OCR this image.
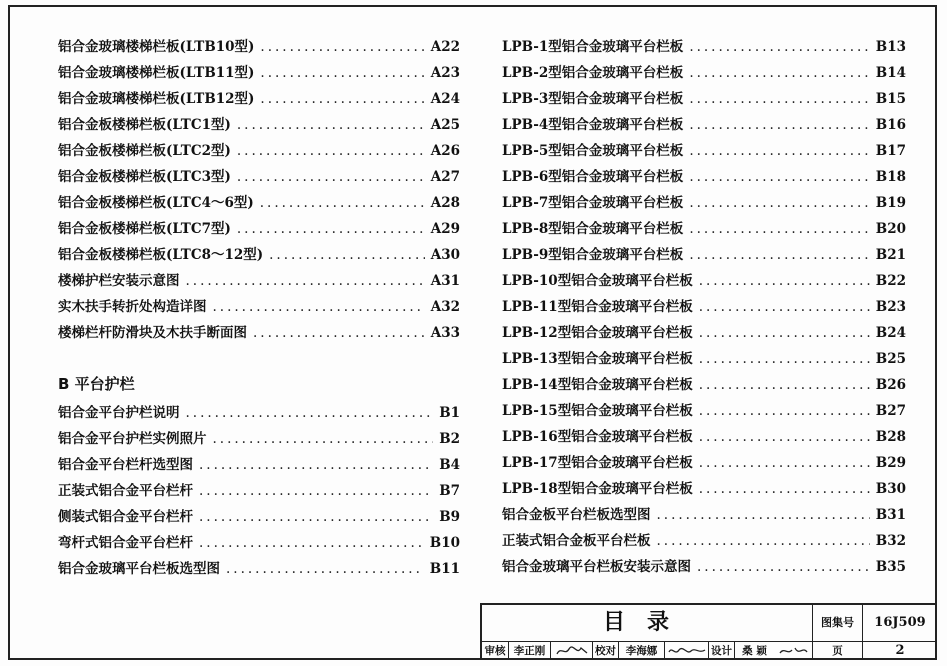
铝合金玻璃楼梯栏板(LTB10型) .....	A22
铝合金玻璃楼梯栏板(LTB11型) .....	A23
铝合金玻璃楼梯栏板(LTB12型) .....	A24
铝合金板楼梯栏板(LTC1型) .....	A25
铝合金板楼梯栏板(LTC2型) .....	A26
铝合金板楼梯栏板(LTC3型) .....	A27
铝合金板楼梯栏板(LTC4～6型) .....	A28
铝合金板楼梯栏板(LTC7型) .....	A29
铝合金板楼梯栏板(LTC8～12型) .....	A30
楼梯护栏安装示意图 .....	A31
实木扶手转折处构造详图 .....	A32
楼梯栏杆防滑块及木扶手断面图 .....	A33
B 平台护栏
铝合金平台护栏说明 .....	B1
铝合金平台护栏实例照片 .....	B2
铝合金平台栏杆选型图 .....	B4
正装式铝合金平台栏杆 .....	B7
侧装式铝合金平台栏杆 .....	B9
弯杆式铝合金平台栏杆 .....	B10
铝合金玻璃平台栏板选型图 .....	B11
LPB-1型铝合金玻璃平台栏板 .....	B13
LPB-2型铝合金玻璃平台栏板 .....	B14
LPB-3型铝合金玻璃平台栏板 .....	B15
LPB-4型铝合金玻璃平台栏板 .....	B16
LPB-5型铝合金玻璃平台栏板 .....	B17
LPB-6型铝合金玻璃平台栏板 .....	B18
LPB-7型铝合金玻璃平台栏板 .....	B19
LPB-8型铝合金玻璃平台栏板 .....	B20
LPB-9型铝合金玻璃平台栏板 .....	B21
LPB-10型铝合金玻璃平台栏板 .....	B22
LPB-11型铝合金玻璃平台栏板 .....	B23
LPB-12型铝合金玻璃平台栏板 .....	B24
LPB-13型铝合金玻璃平台栏板 .....	B25
LPB-14型铝合金玻璃平台栏板 .....	B26
LPB-15型铝合金玻璃平台栏板 .....	B27
LPB-16型铝合金玻璃平台栏板 .....	B28
LPB-17型铝合金玻璃平台栏板 .....	B29
LPB-18型铝合金玻璃平台栏板 .....	B30
铝合金板平台栏板选型图 .....	B31
正装式铝合金板平台栏板 .....	B32
铝合金玻璃平台栏板安装示意图 .....	B35
目录	图集号	16J509
审核 李正刚	校对 李海娜	设计 桑 颖	页	2
